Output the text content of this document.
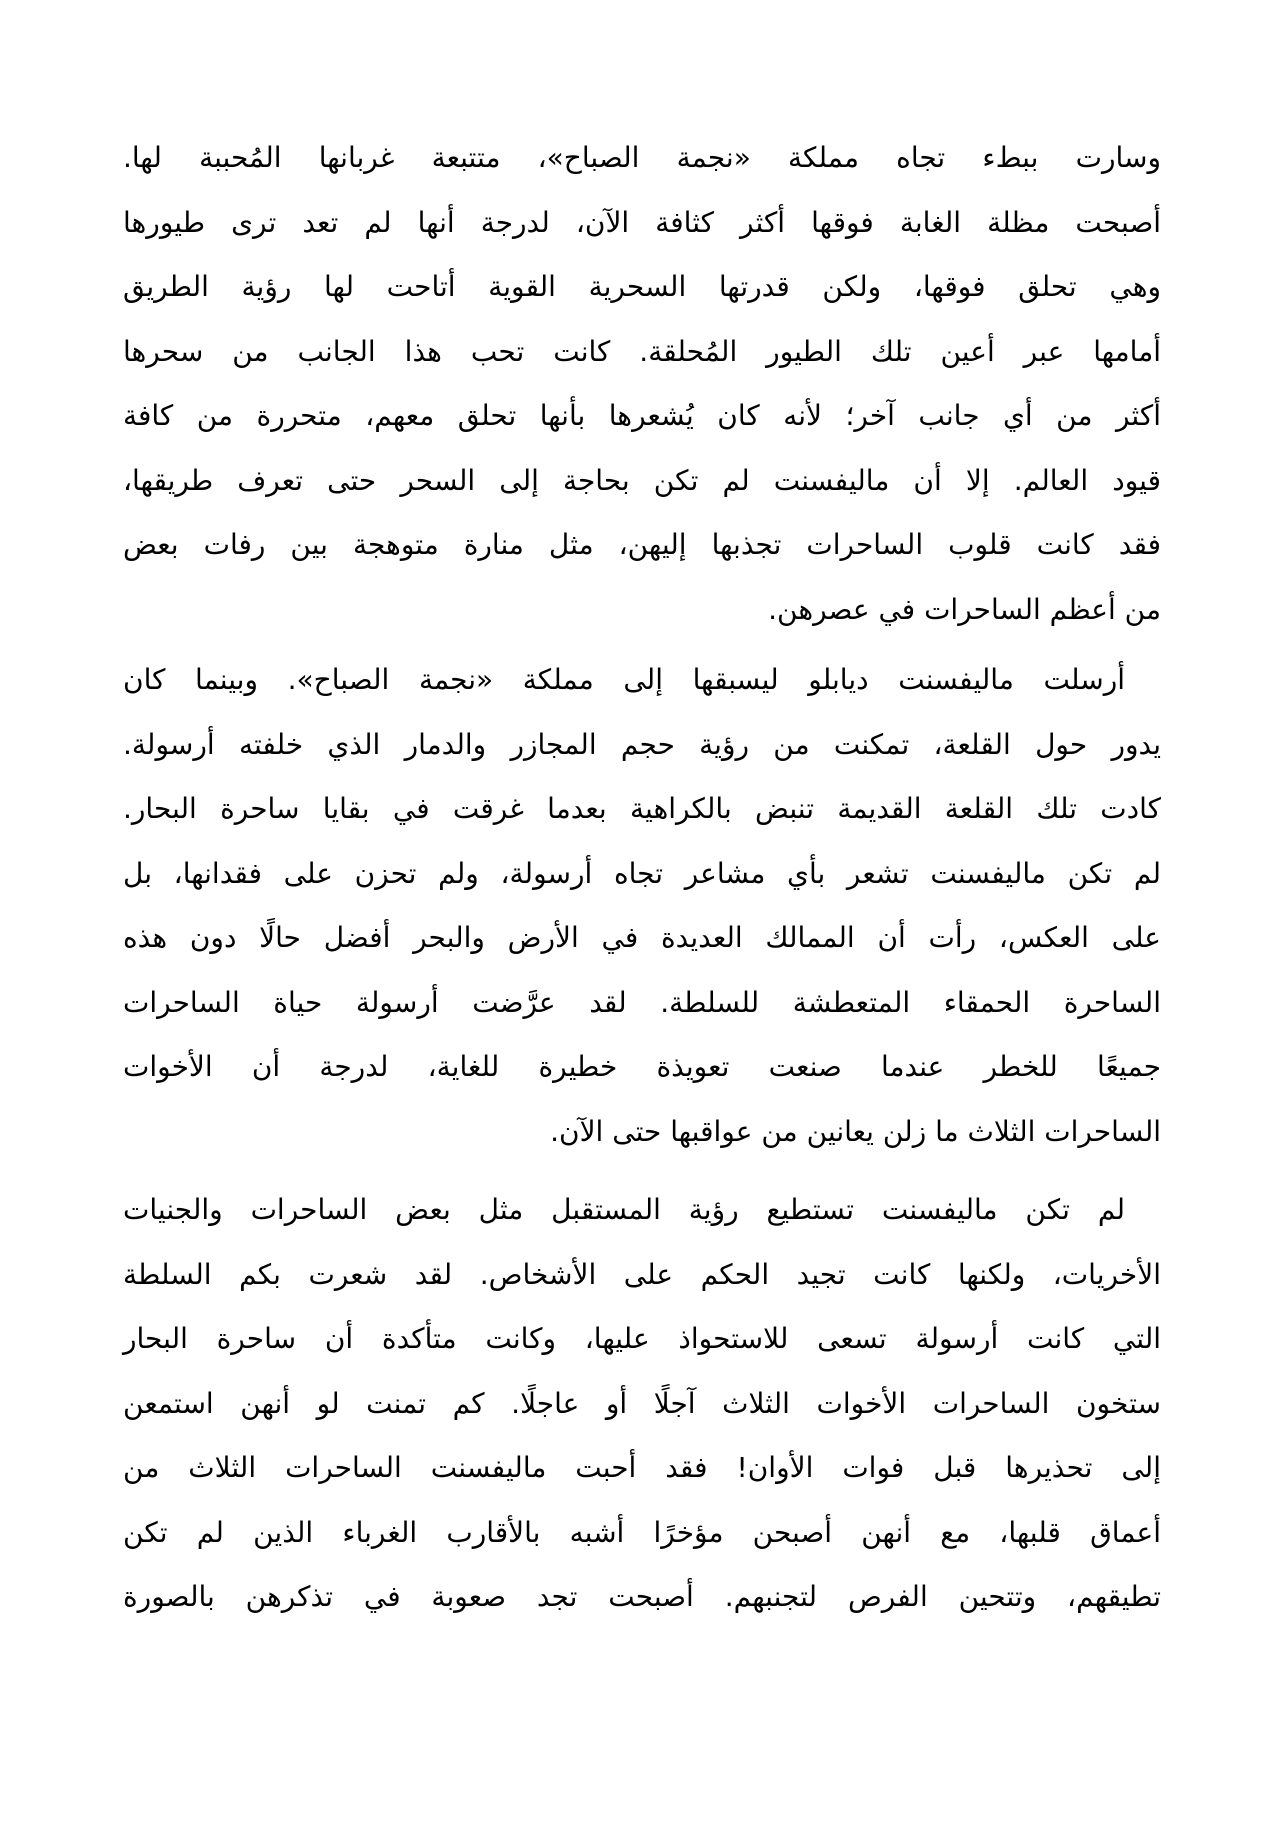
وسارت ببطء تجاه مملكة «نجمة الصباح»، متتبعة غربانها المُحببة لها.
أصبحت مظلة الغابة فوقها أكثر كثافة الآن، لدرجة أنها لم تعد ترى طيورها
وهي تحلق فوقها، ولكن قدرتها السحرية القوية أتاحت لها رؤية الطريق
أمامها عبر أعين تلك الطيور المُحلقة. كانت تحب هذا الجانب من سحرها
أكثر من أي جانب آخر؛ لأنه كان يُشعرها بأنها تحلق معهم، متحررة من كافة
قيود العالم. إلا أن ماليفسنت لم تكن بحاجة إلى السحر حتى تعرف طريقها،
فقد كانت قلوب الساحرات تجذبها إليهن، مثل منارة متوهجة بين رفات بعض
من أعظم الساحرات في عصرهن.
أرسلت ماليفسنت ديابلو ليسبقها إلى مملكة «نجمة الصباح». وبينما كان
يدور حول القلعة، تمكنت من رؤية حجم المجازر والدمار الذي خلفته أرسولة.
كادت تلك القلعة القديمة تنبض بالكراهية بعدما غرقت في بقايا ساحرة البحار.
لم تكن ماليفسنت تشعر بأي مشاعر تجاه أرسولة، ولم تحزن على فقدانها، بل
على العكس، رأت أن الممالك العديدة في الأرض والبحر أفضل حالًا دون هذه
الساحرة الحمقاء المتعطشة للسلطة. لقد عرَّضت أرسولة حياة الساحرات
جميعًا للخطر عندما صنعت تعويذة خطيرة للغاية، لدرجة أن الأخوات
الساحرات الثلاث ما زلن يعانين من عواقبها حتى الآن.
لم تكن ماليفسنت تستطيع رؤية المستقبل مثل بعض الساحرات والجنيات
الأخريات، ولكنها كانت تجيد الحكم على الأشخاص. لقد شعرت بكم السلطة
التي كانت أرسولة تسعى للاستحواذ عليها، وكانت متأكدة أن ساحرة البحار
ستخون الساحرات الأخوات الثلاث آجلًا أو عاجلًا. كم تمنت لو أنهن استمعن
إلى تحذيرها قبل فوات الأوان! فقد أحبت ماليفسنت الساحرات الثلاث من
أعماق قلبها، مع أنهن أصبحن مؤخرًا أشبه بالأقارب الغرباء الذين لم تكن
تطيقهم، وتتحين الفرص لتجنبهم. أصبحت تجد صعوبة في تذكرهن بالصورة
